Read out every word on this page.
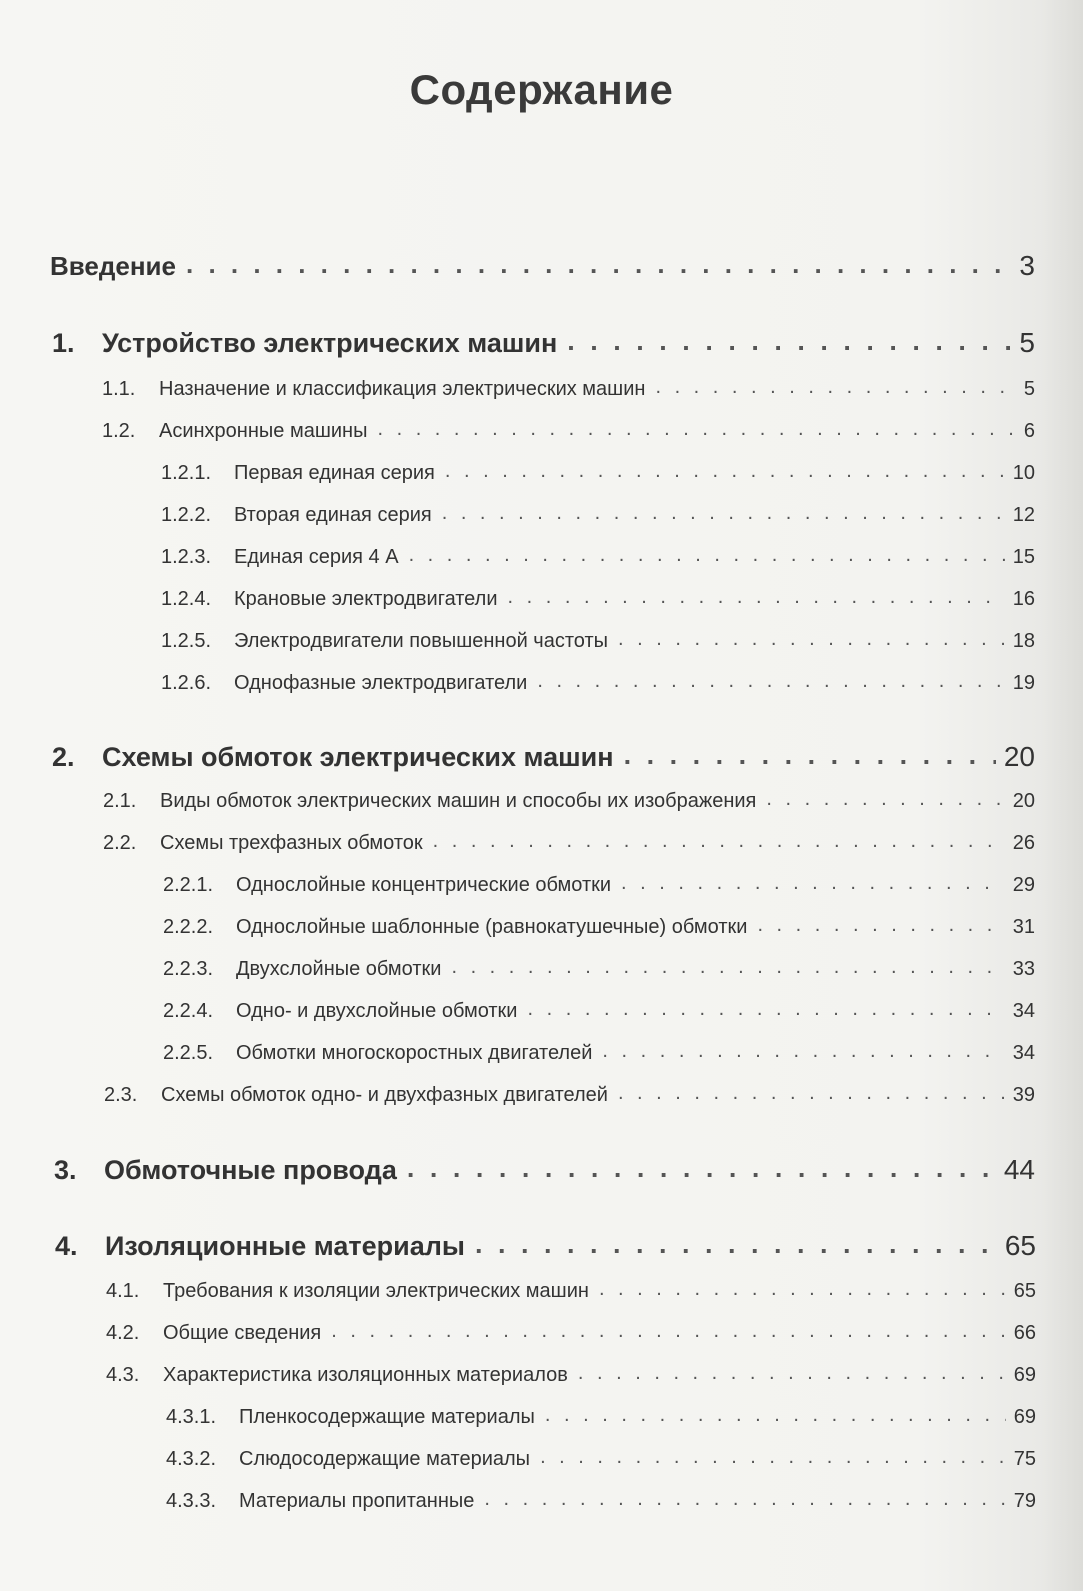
Содержание
Введение . . .	3
1.	Устройство электрических машин . . .	5
1.1.	Назначение и классификация электрических машин . . .	5
1.2.	Асинхронные машины . . .	6
1.2.1.	Первая единая серия . . .	10
1.2.2.	Вторая единая серия . . .	12
1.2.3.	Единая серия 4 А . . .	15
1.2.4.	Крановые электродвигатели . . .	16
1.2.5.	Электродвигатели повышенной частоты . . .	18
1.2.6.	Однофазные электродвигатели . . .	19
2.	Схемы обмоток электрических машин . . .	20
2.1.	Виды обмоток электрических машин и способы их изображения . . .	20
2.2.	Схемы трехфазных обмоток . . .	26
2.2.1.	Однослойные концентрические обмотки . . .	29
2.2.2.	Однослойные шаблонные (равнокатушечные) обмотки . . .	31
2.2.3.	Двухслойные обмотки . . .	33
2.2.4.	Одно- и двухслойные обмотки . . .	34
2.2.5.	Обмотки многоскоростных двигателей . . .	34
2.3.	Схемы обмоток одно- и двухфазных двигателей . . .	39
3.	Обмоточные провода . . .	44
4.	Изоляционные материалы . . .	65
4.1.	Требования к изоляции электрических машин . . .	65
4.2.	Общие сведения . . .	66
4.3.	Характеристика изоляционных материалов . . .	69
4.3.1.	Пленкосодержащие материалы . . .	69
4.3.2.	Слюдосодержащие материалы . . .	75
4.3.3.	Материалы пропитанные . . .	79
